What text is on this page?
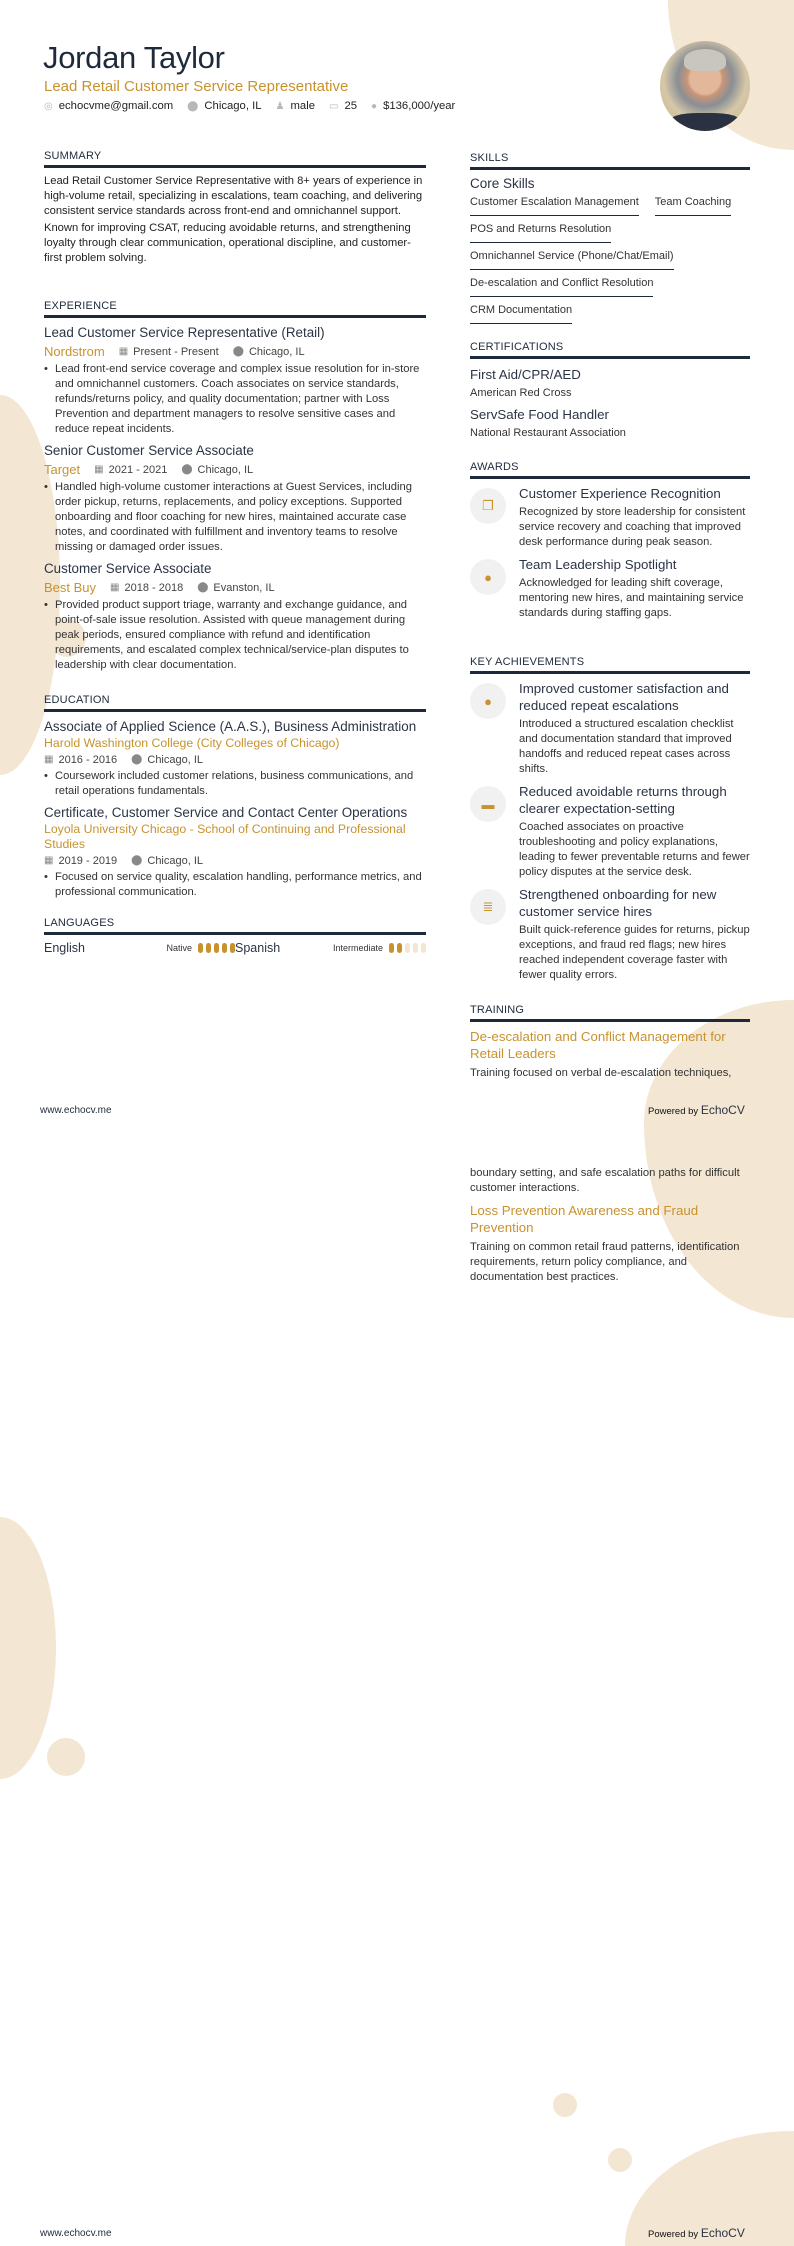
Jordan Taylor
Lead Retail Customer Service Representative
◎ echocvme@gmail.com ⬤ Chicago, IL ♟ male ▭ 25 ● $136,000/year
SUMMARY

Lead Retail Customer Service Representative with 8+ years of experience in high-volume retail, specializing in escalations, team coaching, and delivering consistent service standards across front-end and omnichannel support.

Known for improving CSAT, reducing avoidable returns, and strengthening loyalty through clear communication, operational discipline, and customer-first problem solving.

EXPERIENCE
Lead Customer Service Representative (Retail)
Nordstrom ▦ Present - Present ⬤ Chicago, IL
• Lead front-end service coverage and complex issue resolution for in-store and omnichannel customers. Coach associates on service standards, refunds/returns policy, and quality documentation; partner with Loss Prevention and department managers to resolve sensitive cases and reduce repeat incidents.
Senior Customer Service Associate
Target ▦ 2021 - 2021 ⬤ Chicago, IL
• Handled high-volume customer interactions at Guest Services, including order pickup, returns, replacements, and policy exceptions. Supported onboarding and floor coaching for new hires, maintained accurate case notes, and coordinated with fulfillment and inventory teams to resolve missing or damaged order issues.
Customer Service Associate
Best Buy ▦ 2018 - 2018 ⬤ Evanston, IL
• Provided product support triage, warranty and exchange guidance, and point-of-sale issue resolution. Assisted with queue management during peak periods, ensured compliance with refund and identification requirements, and escalated complex technical/service-plan disputes to leadership with clear documentation.
EDUCATION
Associate of Applied Science (A.A.S.), Business Administration
Harold Washington College (City Colleges of Chicago)
▦ 2016 - 2016 ⬤ Chicago, IL
• Coursework included customer relations, business communications, and retail operations fundamentals.
Certificate, Customer Service and Contact Center Operations
Loyola University Chicago - School of Continuing and Professional Studies
▦ 2019 - 2019 ⬤ Chicago, IL
• Focused on service quality, escalation handling, performance metrics, and professional communication.
LANGUAGES
English	Native	Spanish	Intermediate
SKILLS
Core Skills
Customer Escalation Management Team Coaching
POS and Returns Resolution
Omnichannel Service (Phone/Chat/Email)
De-escalation and Conflict Resolution
CRM Documentation
CERTIFICATIONS
First Aid/CPR/AED
American Red Cross
ServSafe Food Handler
National Restaurant Association
AWARDS
❐
Customer Experience Recognition
Recognized by store leadership for consistent service recovery and coaching that improved desk performance during peak season.
●
Team Leadership Spotlight
Acknowledged for leading shift coverage, mentoring new hires, and maintaining service standards during staffing gaps.
KEY ACHIEVEMENTS
●
Improved customer satisfaction and reduced repeat escalations
Introduced a structured escalation checklist and documentation standard that improved handoffs and reduced repeat cases across shifts.
▬
Reduced avoidable returns through clearer expectation-setting
Coached associates on proactive troubleshooting and policy explanations, leading to fewer preventable returns and fewer policy disputes at the service desk.
≣
Strengthened onboarding for new customer service hires
Built quick-reference guides for returns, pickup exceptions, and fraud red flags; new hires reached independent coverage faster with fewer quality errors.
TRAINING
De-escalation and Conflict Management for Retail Leaders
Training focused on verbal de-escalation techniques,
www.echocv.me	Powered by EchoCV
boundary setting, and safe escalation paths for difficult customer interactions.
Loss Prevention Awareness and Fraud Prevention
Training on common retail fraud patterns, identification requirements, return policy compliance, and documentation best practices.
www.echocv.me	Powered by EchoCV
